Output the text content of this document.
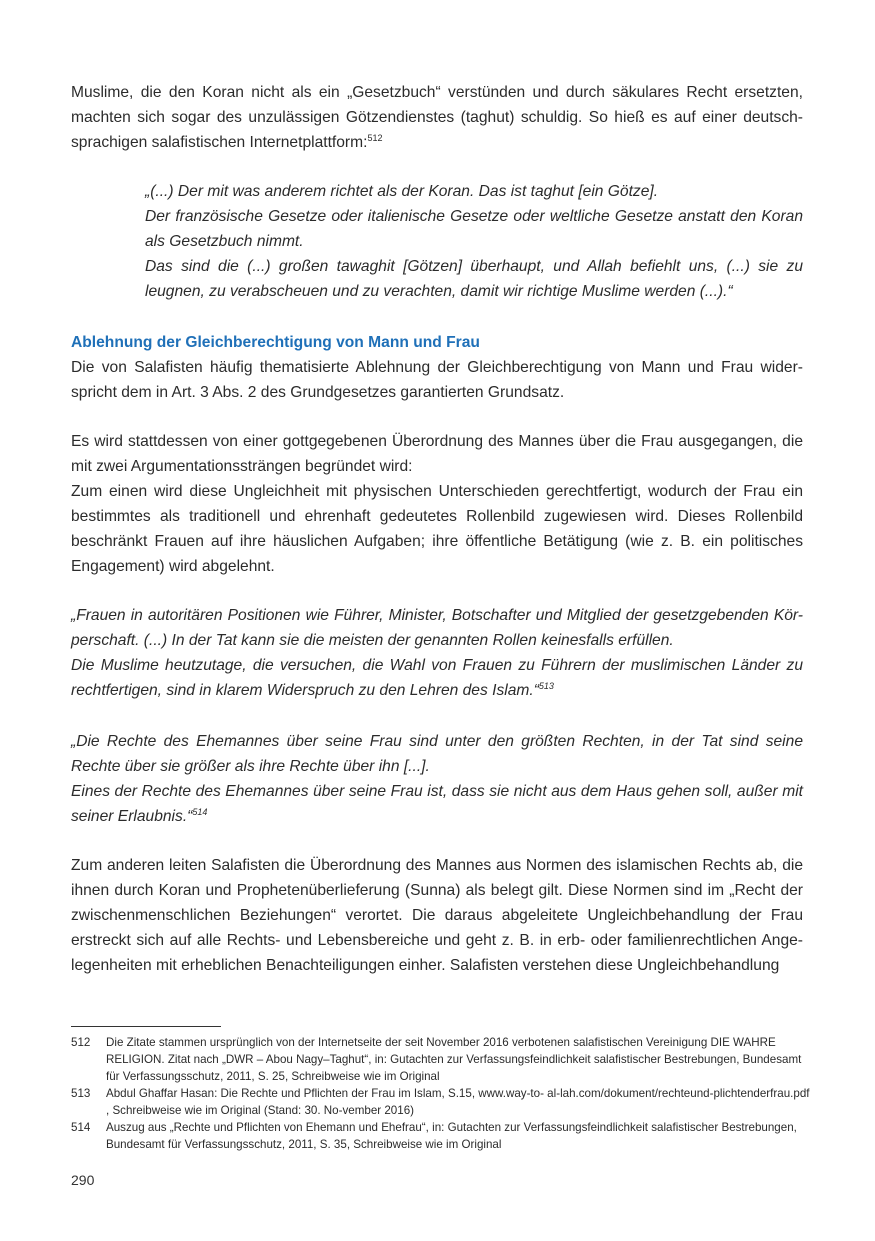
Muslime, die den Koran nicht als ein „Gesetzbuch“ verstünden und durch säkulares Recht ersetzten, machten sich sogar des unzulässigen Götzendienstes (taghut) schuldig. So hieß es auf einer deutsch-sprachigen salafistischen Internetplattform:$^{512}$

„(...) Der mit was anderem richtet als der Koran. Das ist taghut [ein Götze].

Der französische Gesetze oder italienische Gesetze oder weltliche Gesetze anstatt den Koran als Gesetzbuch nimmt.

Das sind die (...) großen tawaghit [Götzen] überhaupt, und Allah befiehlt uns, (...) sie zu leugnen, zu verabscheuen und zu verachten, damit wir richtige Muslime werden (...).“

Ablehnung der Gleichberechtigung von Mann und Frau

Die von Salafisten häufig thematisierte Ablehnung der Gleichberechtigung von Mann und Frau wider-spricht dem in Art. 3 Abs. 2 des Grundgesetzes garantierten Grundsatz.

Es wird stattdessen von einer gottgegebenen Überordnung des Mannes über die Frau ausgegangen, die mit zwei Argumentationssträngen begründet wird:

Zum einen wird diese Ungleichheit mit physischen Unterschieden gerechtfertigt, wodurch der Frau ein bestimmtes als traditionell und ehrenhaft gedeutetes Rollenbild zugewiesen wird. Dieses Rollenbild beschränkt Frauen auf ihre häuslichen Aufgaben; ihre öffentliche Betätigung (wie z. B. ein politisches Engagement) wird abgelehnt.

„Frauen in autoritären Positionen wie Führer, Minister, Botschafter und Mitglied der gesetzgebenden Kör-perschaft. (...) In der Tat kann sie die meisten der genannten Rollen keinesfalls erfüllen.

Die Muslime heutzutage, die versuchen, die Wahl von Frauen zu Führern der muslimischen Länder zu rechtfertigen, sind in klarem Widerspruch zu den Lehren des Islam.“$^{513}$

„Die Rechte des Ehemannes über seine Frau sind unter den größten Rechten, in der Tat sind seine Rechte über sie größer als ihre Rechte über ihn [...].

Eines der Rechte des Ehemannes über seine Frau ist, dass sie nicht aus dem Haus gehen soll, außer mit seiner Erlaubnis.“$^{514}$

Zum anderen leiten Salafisten die Überordnung des Mannes aus Normen des islamischen Rechts ab, die ihnen durch Koran und Prophetenüberlieferung (Sunna) als belegt gilt. Diese Normen sind im „Recht der zwischenmenschlichen Beziehungen“ verortet. Die daraus abgeleitete Ungleichbehandlung der Frau erstreckt sich auf alle Rechts- und Lebensbereiche und geht z. B. in erb- oder familienrechtlichen Ange-legenheiten mit erheblichen Benachteiligungen einher. Salafisten verstehen diese Ungleichbehandlung

512	Die Zitate stammen ursprünglich von der Internetseite der seit November 2016 verbotenen salafistischen Vereinigung DIE WAHRE RELIGION. Zitat nach „DWR – Abou Nagy–Taghut“, in: Gutachten zur Verfassungsfeindlichkeit salafistischer Bestrebungen, Bundesamt für Verfassungsschutz, 2011, S. 25, Schreibweise wie im Original
513	Abdul Ghaffar Hasan: Die Rechte und Pflichten der Frau im Islam, S.15, www.way-to- al-lah.com/dokument/rechteund-plichtenderfrau.pdf , Schreibweise wie im Original (Stand: 30. No-vember 2016)
514	Auszug aus „Rechte und Pflichten von Ehemann und Ehefrau“, in: Gutachten zur Verfassungsfeindlichkeit salafistischer Bestrebungen, Bundesamt für Verfassungsschutz, 2011, S. 35, Schreibweise wie im Original
290
